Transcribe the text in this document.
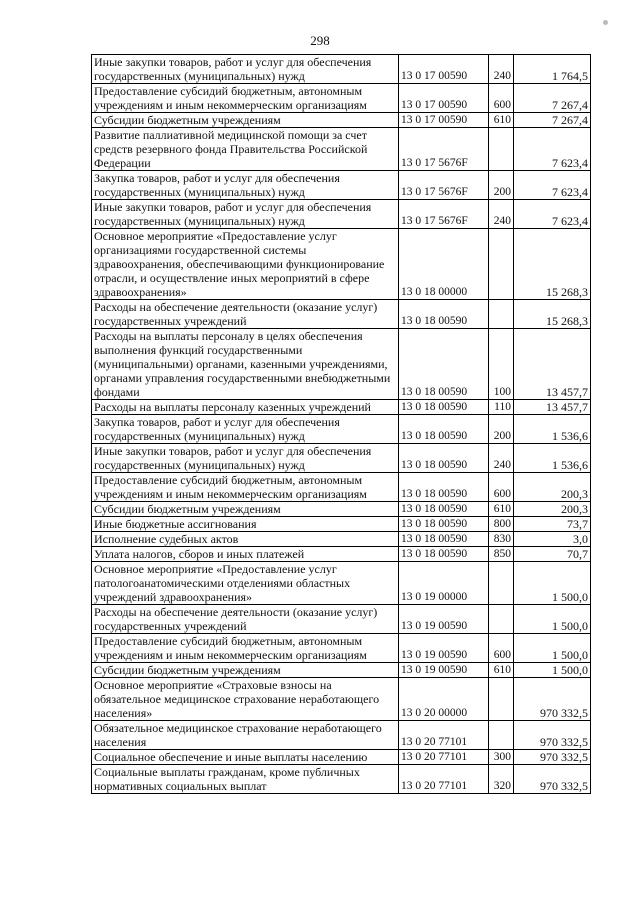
298
Иные закупки товаров, работ и услуг для обеспечения государственных (муниципальных) нужд	13 0 17 00590	240	1 764,5
Предоставление субсидий бюджетным, автономным учреждениям и иным некоммерческим организациям	13 0 17 00590	600	7 267,4
Субсидии бюджетным учреждениям	13 0 17 00590	610	7 267,4
Развитие паллиативной медицинской помощи за счет средств резервного фонда Правительства Российской Федерации	13 0 17 5676F		7 623,4
Закупка товаров, работ и услуг для обеспечения государственных (муниципальных) нужд	13 0 17 5676F	200	7 623,4
Иные закупки товаров, работ и услуг для обеспечения государственных (муниципальных) нужд	13 0 17 5676F	240	7 623,4
Основное мероприятие «Предоставление услуг организациями государственной системы здравоохранения, обеспечивающими функционирование отрасли, и осуществление иных мероприятий в сфере здравоохранения»	13 0 18 00000		15 268,3
Расходы на обеспечение деятельности (оказание услуг) государственных учреждений	13 0 18 00590		15 268,3
Расходы на выплаты персоналу в целях обеспечения выполнения функций государственными (муниципальными) органами, казенными учреждениями, органами управления государственными внебюджетными фондами	13 0 18 00590	100	13 457,7
Расходы на выплаты персоналу казенных учреждений	13 0 18 00590	110	13 457,7
Закупка товаров, работ и услуг для обеспечения государственных (муниципальных) нужд	13 0 18 00590	200	1 536,6
Иные закупки товаров, работ и услуг для обеспечения государственных (муниципальных) нужд	13 0 18 00590	240	1 536,6
Предоставление субсидий бюджетным, автономным учреждениям и иным некоммерческим организациям	13 0 18 00590	600	200,3
Субсидии бюджетным учреждениям	13 0 18 00590	610	200,3
Иные бюджетные ассигнования	13 0 18 00590	800	73,7
Исполнение судебных актов	13 0 18 00590	830	3,0
Уплата налогов, сборов и иных платежей	13 0 18 00590	850	70,7
Основное мероприятие «Предоставление услуг патологоанатомическими отделениями областных учреждений здравоохранения»	13 0 19 00000		1 500,0
Расходы на обеспечение деятельности (оказание услуг) государственных учреждений	13 0 19 00590		1 500,0
Предоставление субсидий бюджетным, автономным учреждениям и иным некоммерческим организациям	13 0 19 00590	600	1 500,0
Субсидии бюджетным учреждениям	13 0 19 00590	610	1 500,0
Основное мероприятие «Страховые взносы на обязательное медицинское страхование неработающего населения»	13 0 20 00000		970 332,5
Обязательное медицинское страхование неработающего населения	13 0 20 77101		970 332,5
Социальное обеспечение и иные выплаты населению	13 0 20 77101	300	970 332,5
Социальные выплаты гражданам, кроме публичных нормативных социальных выплат	13 0 20 77101	320	970 332,5
